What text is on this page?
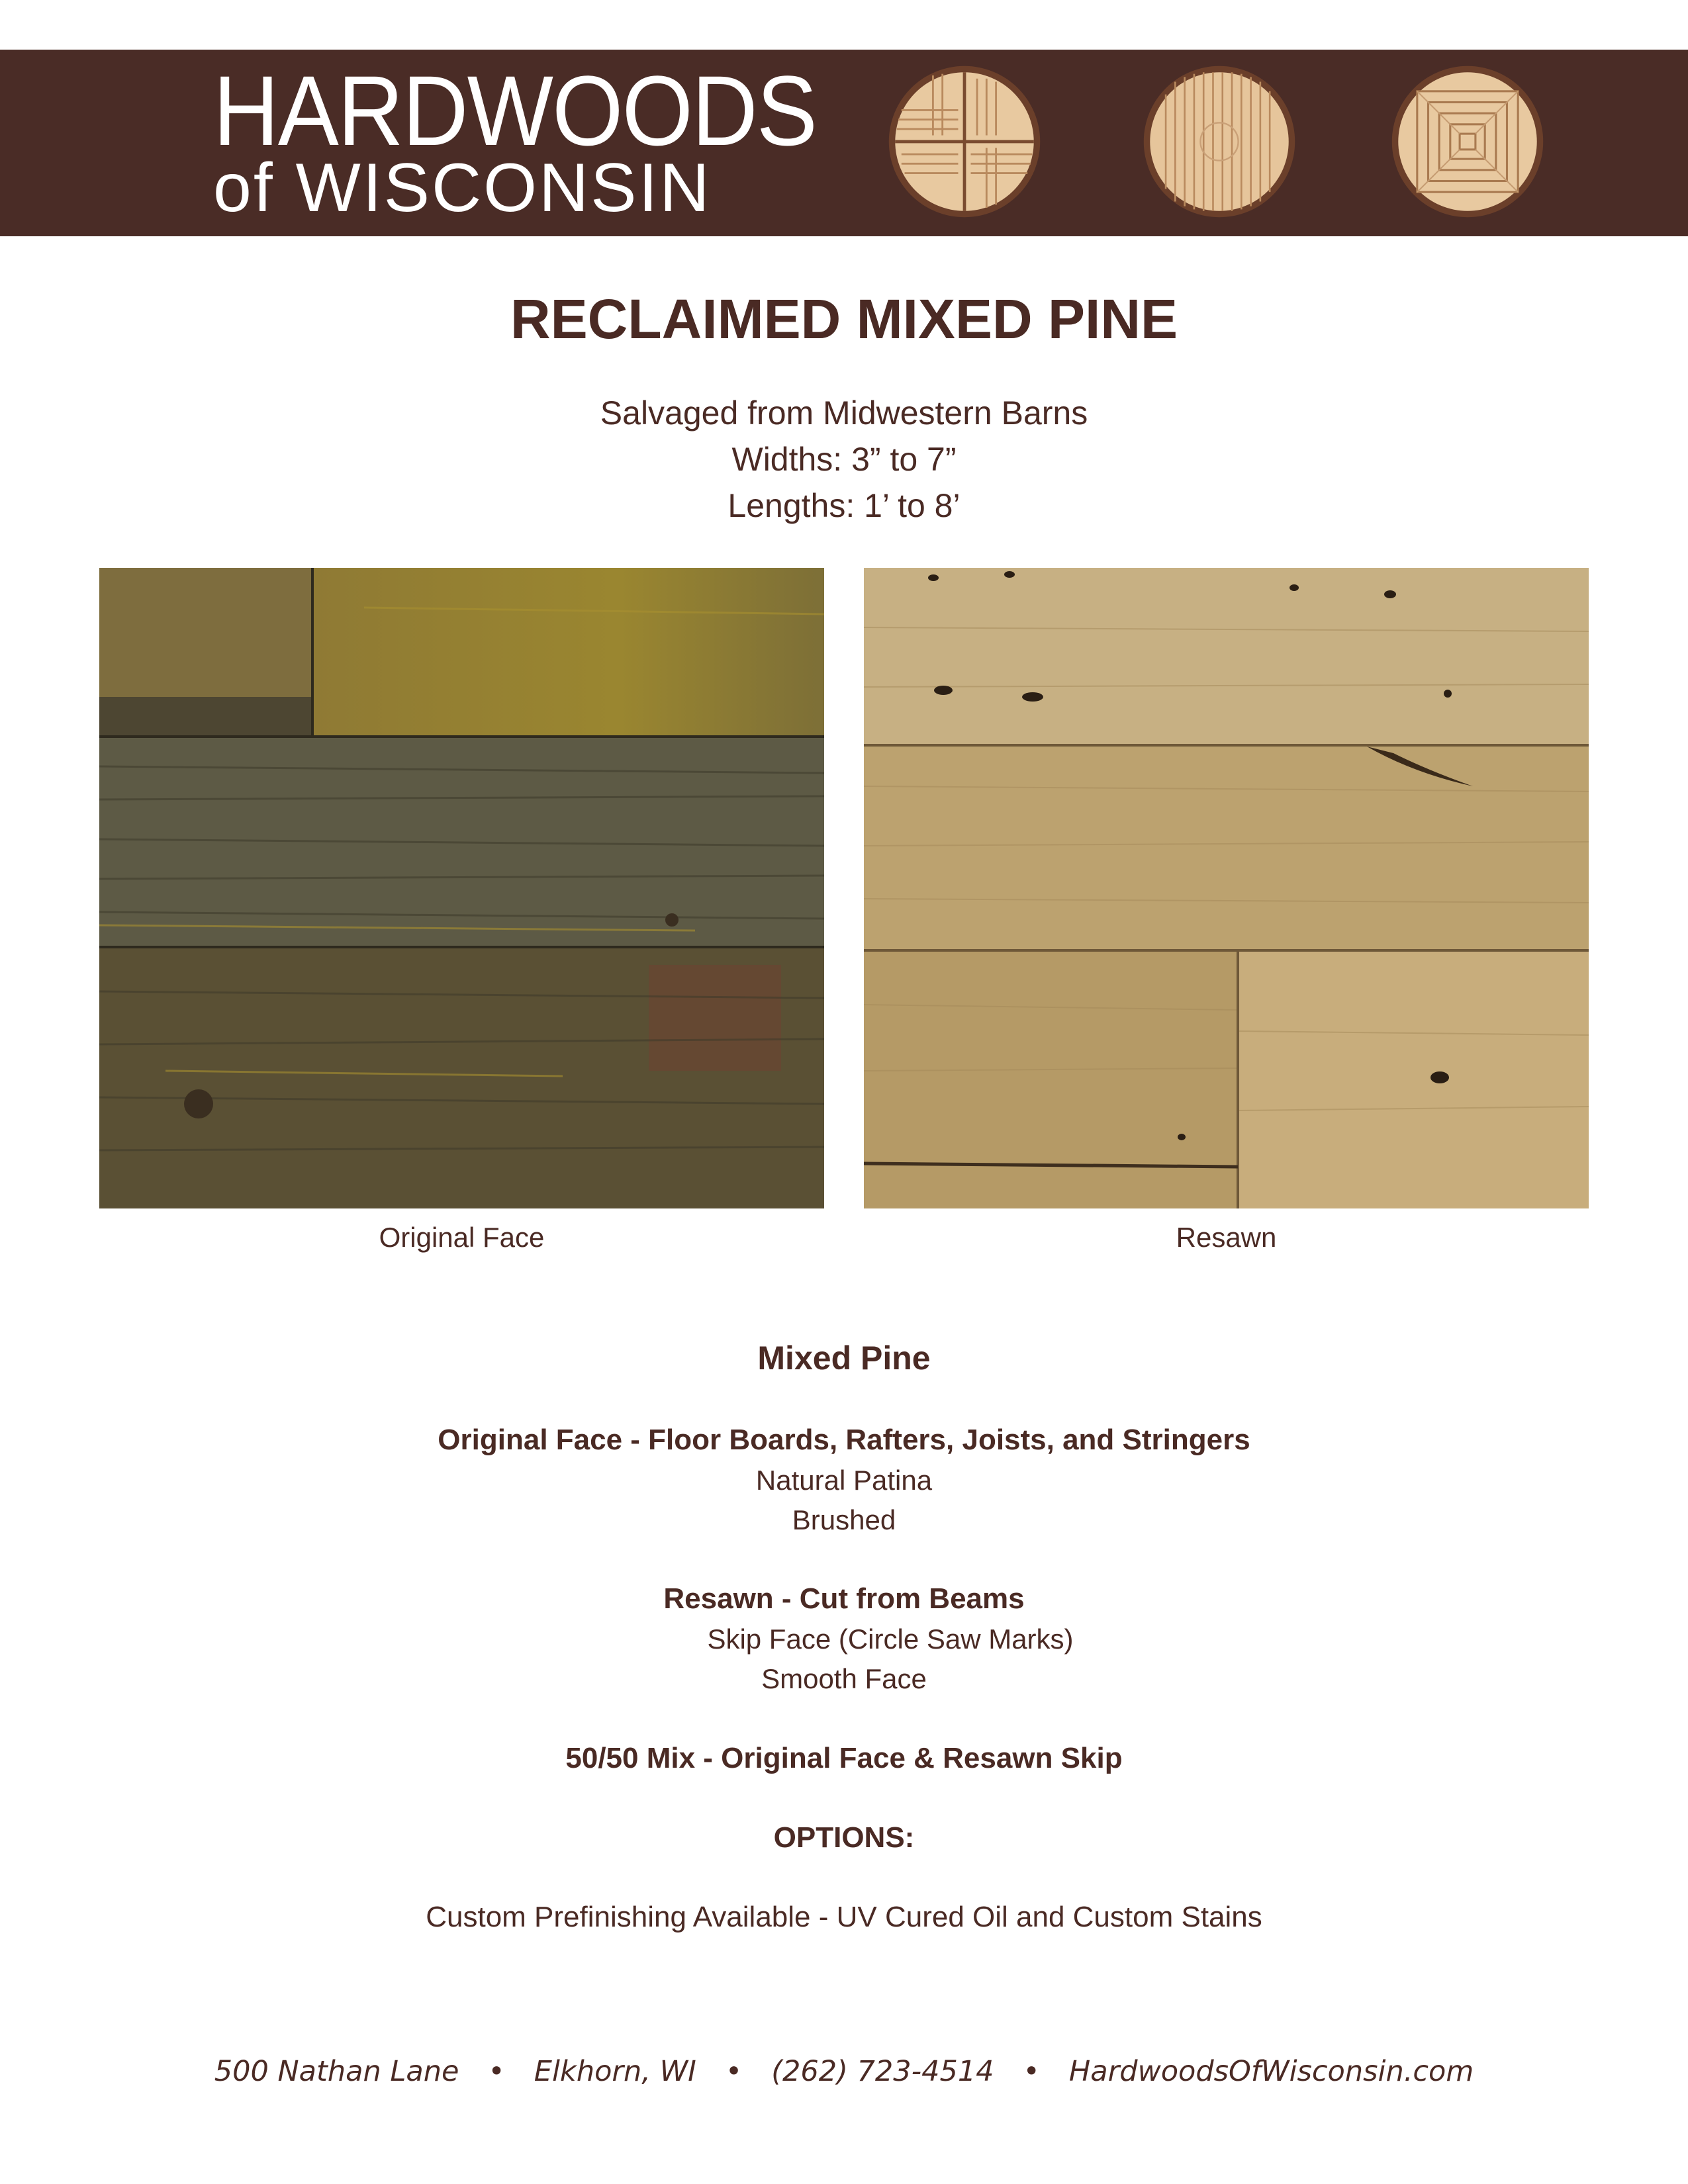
HARDWOODS
of WISCONSIN
RECLAIMED MIXED PINE
Salvaged from Midwestern Barns
Widths: 3” to 7”
Lengths: 1’ to 8’
Original Face	Resawn
Mixed Pine
Original Face - Floor Boards, Rafters, Joists, and Stringers
Natural Patina
Brushed
Resawn - Cut from Beams
Skip Face (Circle Saw Marks)
Smooth Face
50/50 Mix - Original Face & Resawn Skip
OPTIONS:
Custom Prefinishing Available - UV Cured Oil and Custom Stains
500 Nathan Lane • Elkhorn, WI • (262) 723-4514 • HardwoodsOfWisconsin.com
